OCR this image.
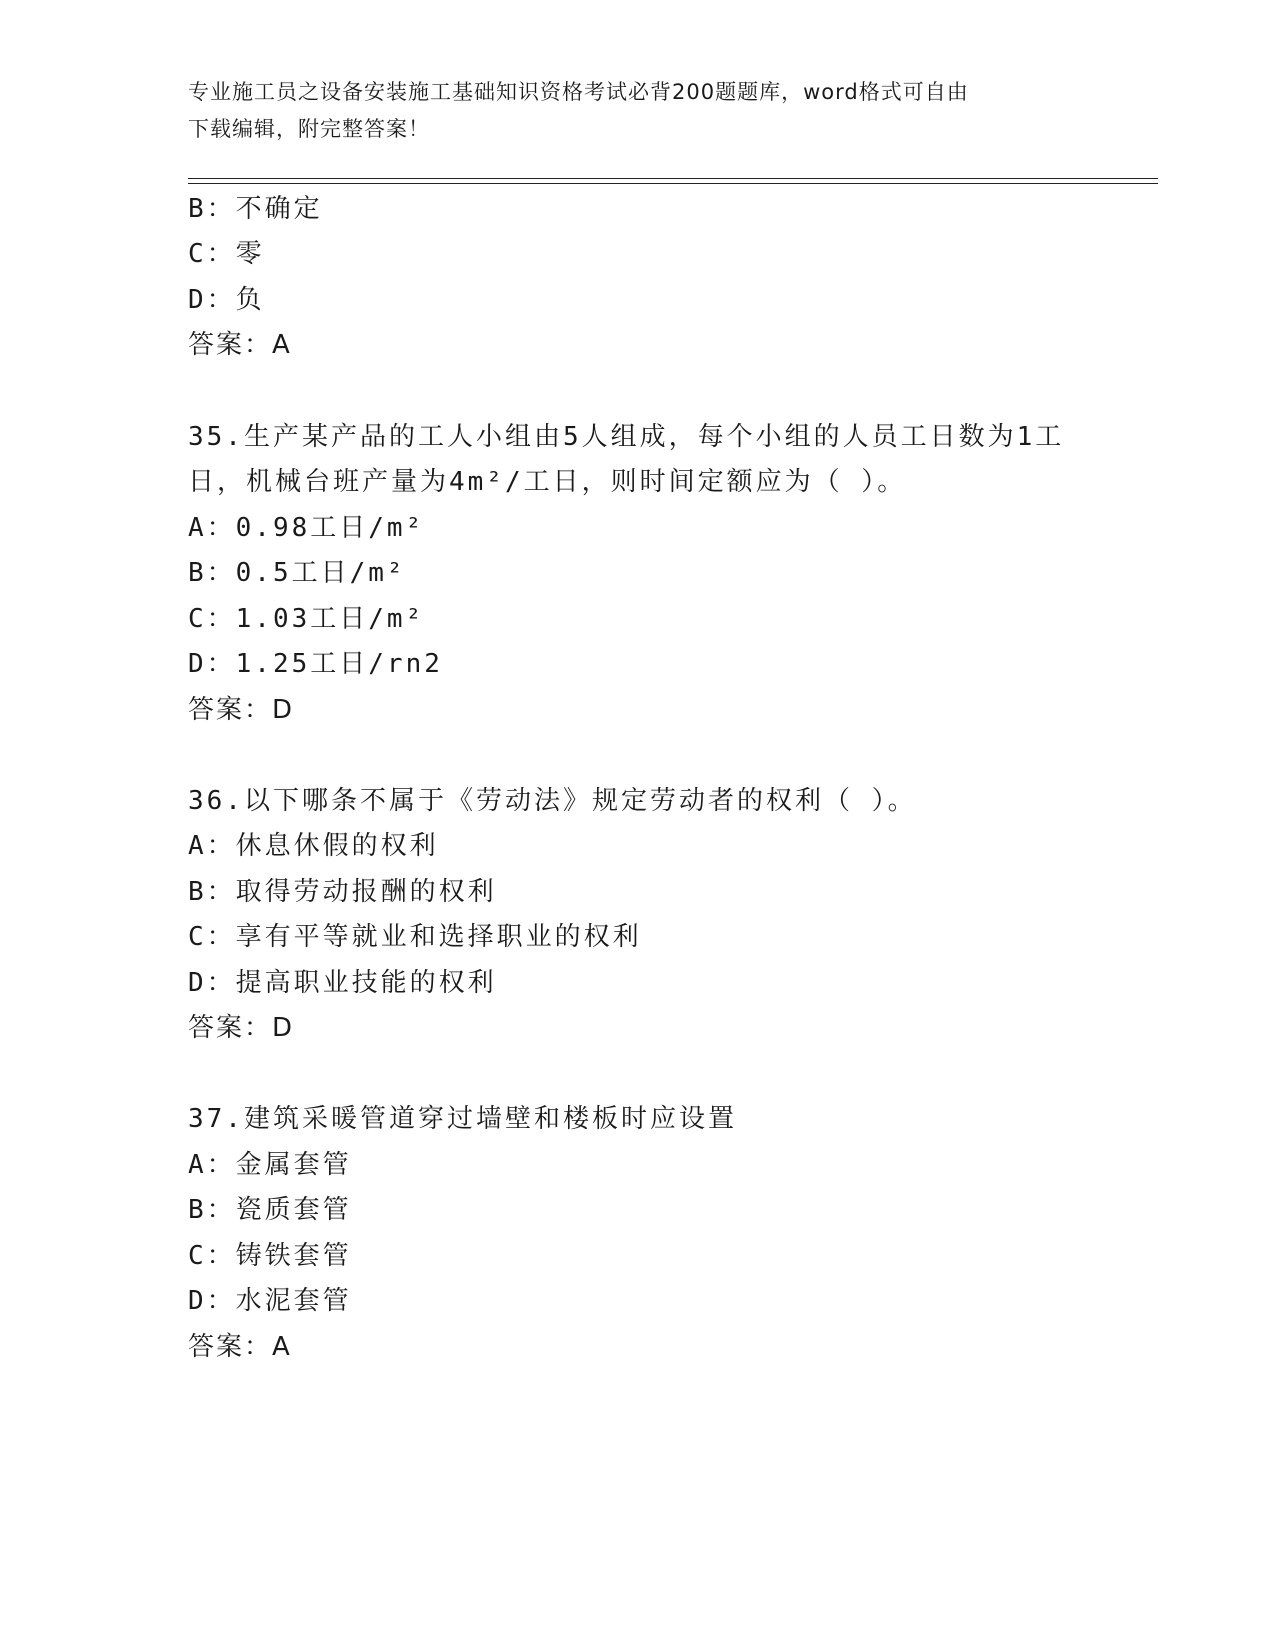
专业施工员之设备安装施工基础知识资格考试必背200题题库，word格式可自由
下载编辑，附完整答案！
B：不确定
C：零
D：负
答案：A
35.生产某产品的工人小组由5人组成，每个小组的人员工日数为1工
日，机械台班产量为4m²/工日，则时间定额应为（ ）。
A：0.98工日/m²
B：0.5工日/m²
C：1.03工日/m²
D：1.25工日/rn2
答案：D
36.以下哪条不属于《劳动法》规定劳动者的权利（ ）。
A：休息休假的权利
B：取得劳动报酬的权利
C：享有平等就业和选择职业的权利
D：提高职业技能的权利
答案：D
37.建筑采暖管道穿过墙壁和楼板时应设置
A：金属套管
B：瓷质套管
C：铸铁套管
D：水泥套管
答案：A
